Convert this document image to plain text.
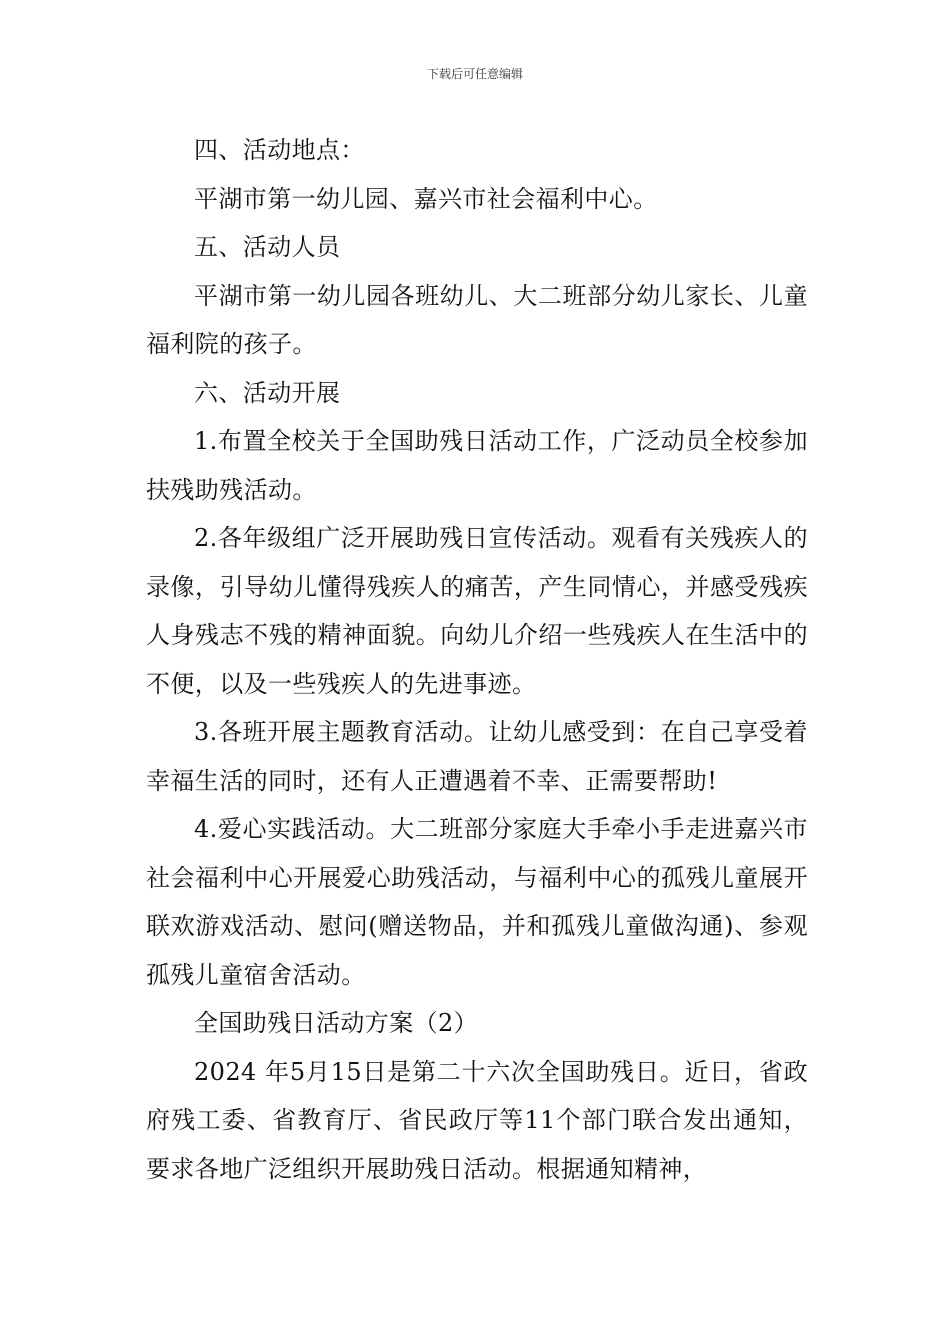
下载后可任意编辑

四、活动地点：

平湖市第一幼儿园、嘉兴市社会福利中心。

五、活动人员

平湖市第一幼儿园各班幼儿、大二班部分幼儿家长、儿童福利院的孩子。

六、活动开展

1.布置全校关于全国助残日活动工作，广泛动员全校参加扶残助残活动。

2.各年级组广泛开展助残日宣传活动。观看有关残疾人的录像，引导幼儿懂得残疾人的痛苦，产生同情心，并感受残疾人身残志不残的精神面貌。向幼儿介绍一些残疾人在生活中的不便，以及一些残疾人的先进事迹。

3.各班开展主题教育活动。让幼儿感受到：在自己享受着幸福生活的同时，还有人正遭遇着不幸、正需要帮助!

4.爱心实践活动。大二班部分家庭大手牵小手走进嘉兴市社会福利中心开展爱心助残活动，与福利中心的孤残儿童展开联欢游戏活动、慰问(赠送物品，并和孤残儿童做沟通)、参观孤残儿童宿舍活动。

全国助残日活动方案（2）

2024 年5月15日是第二十六次全国助残日。近日，省政府残工委、省教育厅、省民政厅等11个部门联合发出通知，要求各地广泛组织开展助残日活动。根据通知精神，
